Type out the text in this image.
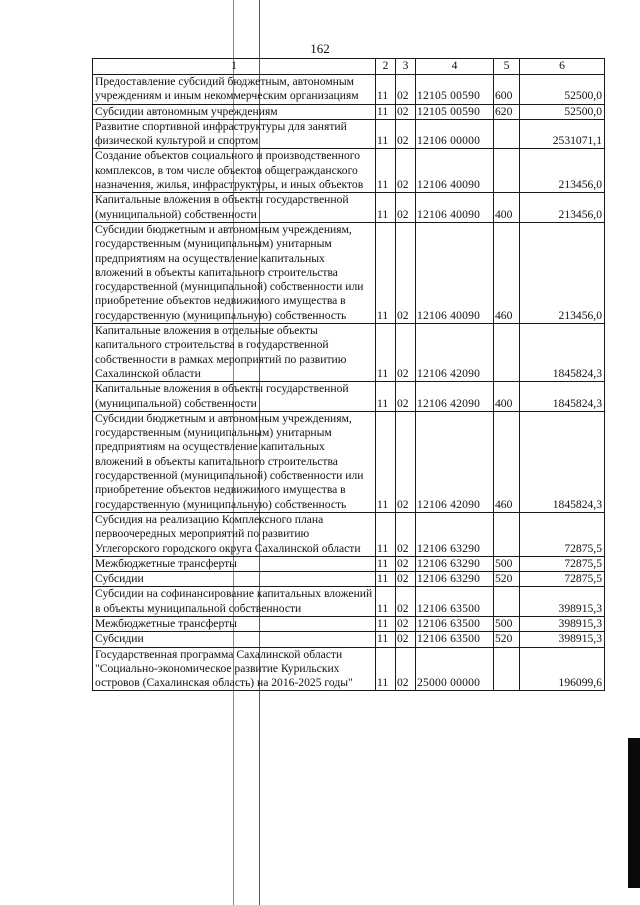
162
1	2	3	4	5	6
Предоставление субсидий бюджетным, автономным учреждениям и иным некоммерческим организациям	11	02	12105 00590	600	52500,0
Субсидии автономным учреждениям	11	02	12105 00590	620	52500,0
Развитие спортивной инфраструктуры для занятий физической культурой и спортом	11	02	12106 00000		2531071,1
Создание объектов социального и производственного комплексов, в том числе объектов общегражданского назначения, жилья, инфраструктуры, и иных объектов	11	02	12106 40090		213456,0
Капитальные вложения в объекты государственной (муниципальной) собственности	11	02	12106 40090	400	213456,0
Субсидии бюджетным и автономным учреждениям, государственным (муниципальным) унитарным предприятиям на осуществление капитальных вложений в объекты капитального строительства государственной (муниципальной) собственности или приобретение объектов недвижимого имущества в государственную (муниципальную) собственность	11	02	12106 40090	460	213456,0
Капитальные вложения в отдельные объекты капитального строительства в государственной собственности в рамках мероприятий по развитию Сахалинской области	11	02	12106 42090		1845824,3
Капитальные вложения в объекты государственной (муниципальной) собственности	11	02	12106 42090	400	1845824,3
Субсидии бюджетным и автономным учреждениям, государственным (муниципальным) унитарным предприятиям на осуществление капитальных вложений в объекты капитального строительства государственной (муниципальной) собственности или приобретение объектов недвижимого имущества в государственную (муниципальную) собственность	11	02	12106 42090	460	1845824,3
Субсидия на реализацию Комплексного плана первоочередных мероприятий по развитию Углегорского городского округа Сахалинской области	11	02	12106 63290		72875,5
Межбюджетные трансферты	11	02	12106 63290	500	72875,5
Субсидии	11	02	12106 63290	520	72875,5
Субсидии на софинансирование капитальных вложений в объекты муниципальной собственности	11	02	12106 63500		398915,3
Межбюджетные трансферты	11	02	12106 63500	500	398915,3
Субсидии	11	02	12106 63500	520	398915,3
Государственная программа Сахалинской области "Социально-экономическое развитие Курильских островов (Сахалинская область) на 2016-2025 годы"	11	02	25000 00000		196099,6
